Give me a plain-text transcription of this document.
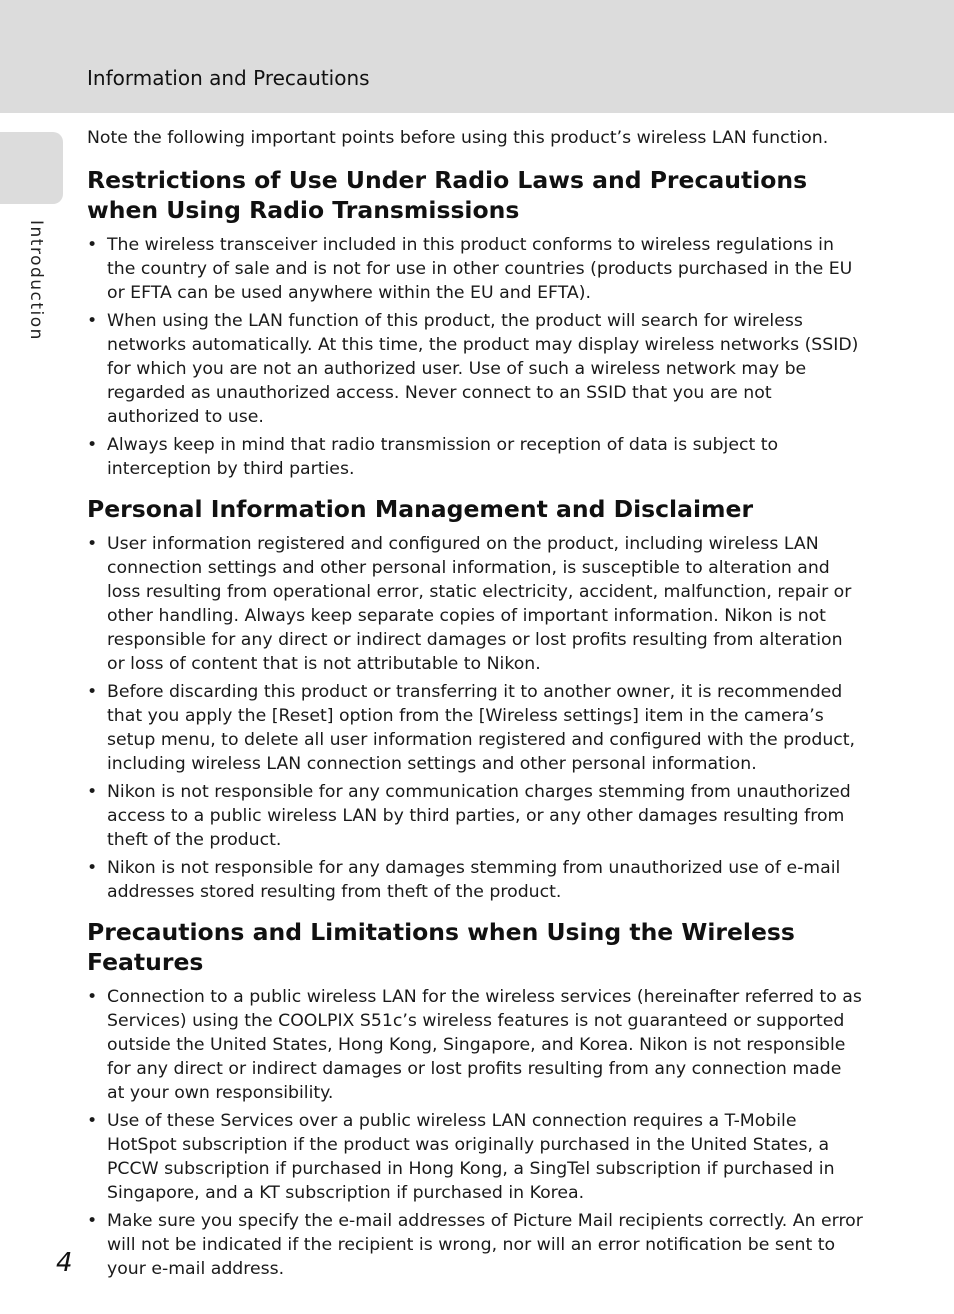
Information and Precautions
Introduction

Note the following important points before using this product’s wireless LAN function.

Restrictions of Use Under Radio Laws and Precautions when Using Radio Transmissions
• The wireless transceiver included in this product conforms to wireless regulations in the country of sale and is not for use in other countries (products purchased in the EU or EFTA can be used anywhere within the EU and EFTA).
• When using the LAN function of this product, the product will search for wireless networks automatically. At this time, the product may display wireless networks (SSID) for which you are not an authorized user. Use of such a wireless network may be regarded as unauthorized access. Never connect to an SSID that you are not authorized to use.
• Always keep in mind that radio transmission or reception of data is subject to interception by third parties.
Personal Information Management and Disclaimer
• User information registered and configured on the product, including wireless LAN connection settings and other personal information, is susceptible to alteration and loss resulting from operational error, static electricity, accident, malfunction, repair or other handling. Always keep separate copies of important information. Nikon is not responsible for any direct or indirect damages or lost profits resulting from alteration or loss of content that is not attributable to Nikon.
• Before discarding this product or transferring it to another owner, it is recommended that you apply the [Reset] option from the [Wireless settings] item in the camera’s setup menu, to delete all user information registered and configured with the product, including wireless LAN connection settings and other personal information.
• Nikon is not responsible for any communication charges stemming from unauthorized access to a public wireless LAN by third parties, or any other damages resulting from theft of the product.
• Nikon is not responsible for any damages stemming from unauthorized use of e-mail addresses stored resulting from theft of the product.
Precautions and Limitations when Using the Wireless Features
• Connection to a public wireless LAN for the wireless services (hereinafter referred to as Services) using the COOLPIX S51c’s wireless features is not guaranteed or supported outside the United States, Hong Kong, Singapore, and Korea. Nikon is not responsible for any direct or indirect damages or lost profits resulting from any connection made at your own responsibility.
• Use of these Services over a public wireless LAN connection requires a T-Mobile HotSpot subscription if the product was originally purchased in the United States, a PCCW subscription if purchased in Hong Kong, a SingTel subscription if purchased in Singapore, and a KT subscription if purchased in Korea.
• Make sure you specify the e-mail addresses of Picture Mail recipients correctly. An error will not be indicated if the recipient is wrong, nor will an error notification be sent to your e-mail address.
4
